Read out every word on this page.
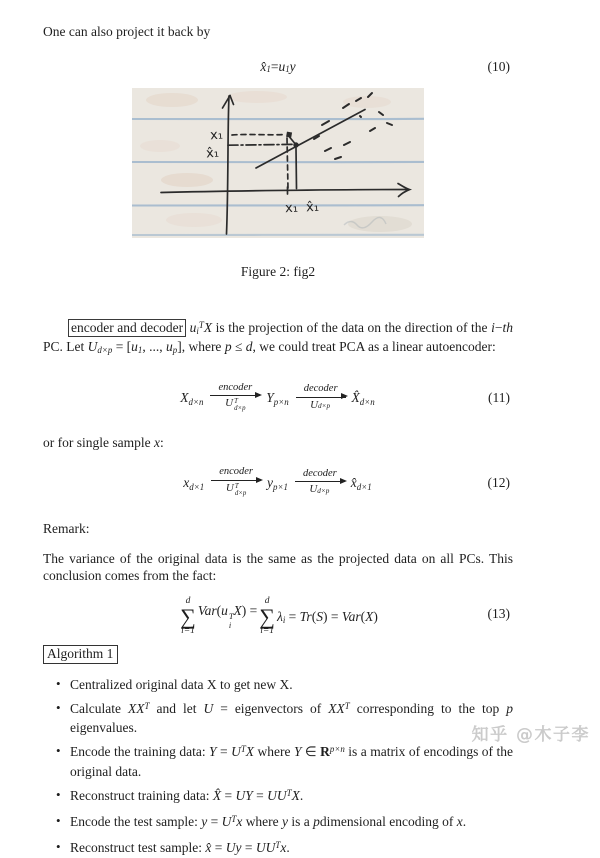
One can also project it back by

x̂ 1 = u 1 y	(10)
x₁
x̂₁
x₁ x̂₁

Figure 2: fig2

encoder and decoder $ui^TX$ is the projection of the data on the direction of the i−th PC. Let Ud×p = [u1, ..., up], where p ≤ d, we could treat PCA as a linear autoencoder:

$X_{d\times n}$
encoder
U T
d×p
$Y_{p\times n}$
decoder
U d×p
$X̂_{d\times n}$	(11)

or for single sample x:

$x_{d\times 1}$
encoder
U T
d×p
$y_{p\times 1}$
decoder
U d×p
$x̂_{d\times 1}$	(12)

Remark:

The variance of the original data is the same as the projected data on all PCs. This conclusion comes from the fact:

d
∑
i=1
Var(u T
i
X) =
d
∑
i=1
λi = Tr(S) = Var(X)	(13)
Algorithm 1
• Centralized original data X to get new X.
• Calculate $XX^T$ and let U = eigenvectors of $XX^T$ corresponding to the top p eigenvalues.
• Encode the training data: $Y = U^TX$ where Y ∈ $R^{p\times n}$ is a matrix of encodings of the original data.
• Reconstruct training data: X̂ = UY = $UU^TX$.
• Encode the test sample: $y = U^Tx$ where y is a pdimensional encoding of x.
• Reconstruct test sample: x̂ = $Uy = UU^Tx$.
知乎 @木子李
